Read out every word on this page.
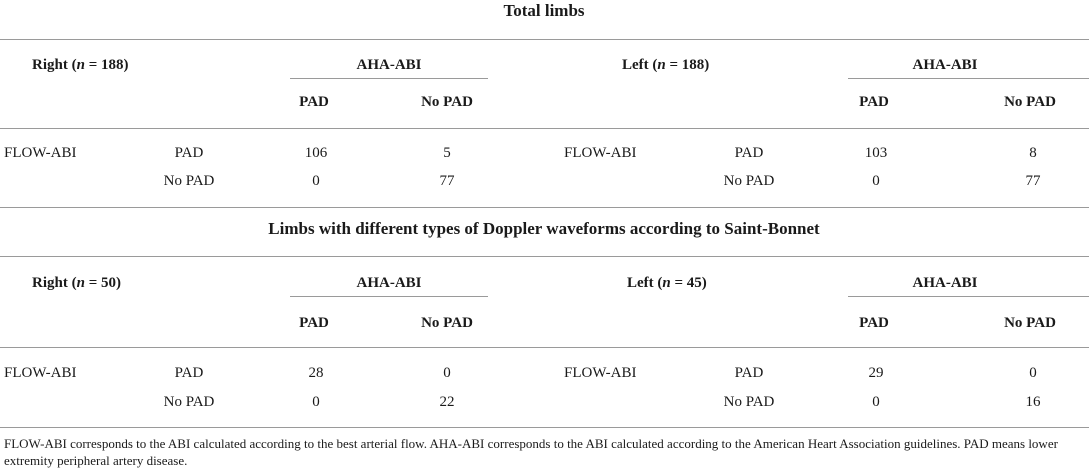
Total limbs
Right (n = 188)	AHA-ABI
PAD	No PAD
Left (n = 188)	AHA-ABI
PAD	No PAD
FLOW-ABI	PAD	106	5
No PAD	0	77
FLOW-ABI	PAD	103	8
No PAD	0	77
Limbs with different types of Doppler waveforms according to Saint-Bonnet
Right (n = 50)	AHA-ABI
PAD	No PAD
Left (n = 45)	AHA-ABI
PAD	No PAD
FLOW-ABI	PAD	28	0
No PAD	0	22
FLOW-ABI	PAD	29	0
No PAD	0	16
FLOW-ABI corresponds to the ABI calculated according to the best arterial flow. AHA-ABI corresponds to the ABI calculated according to the American Heart Association guidelines. PAD means lower extremity peripheral artery disease.
